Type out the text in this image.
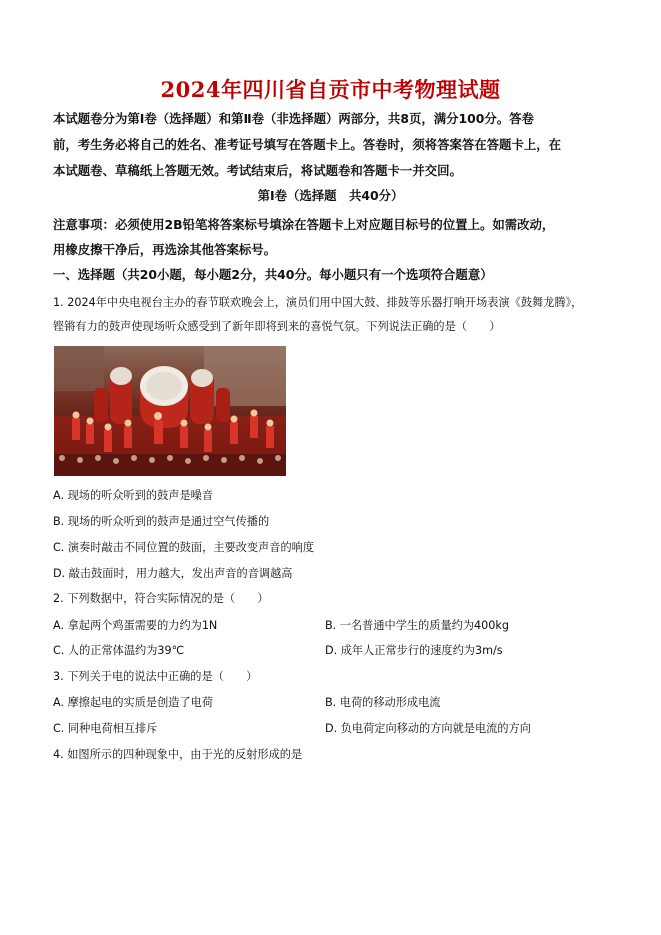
2024年四川省自贡市中考物理试题

本试题卷分为第Ⅰ卷（选择题）和第Ⅱ卷（非选择题）两部分，共8页，满分100分。答卷

前，考生务必将自己的姓名、准考证号填写在答题卡上。答卷时，须将答案答在答题卡上，在

本试题卷、草稿纸上答题无效。考试结束后，将试题卷和答题卡一并交回。

第Ⅰ卷（选择题　共40分）

注意事项：必须使用2B铅笔将答案标号填涂在答题卡上对应题目标号的位置上。如需改动，

用橡皮擦干净后，再选涂其他答案标号。

一、选择题（共20小题，每小题2分，共40分。每小题只有一个选项符合题意）

1. 2024年中央电视台主办的春节联欢晚会上，演员们用中国大鼓、排鼓等乐器打响开场表演《鼓舞龙腾》，

铿锵有力的鼓声使现场听众感受到了新年即将到来的喜悦气氛。下列说法正确的是（　　）

A. 现场的听众听到的鼓声是噪音
B. 现场的听众听到的鼓声是通过空气传播的
C. 演奏时敲击不同位置的鼓面，主要改变声音的响度
D. 敲击鼓面时，用力越大，发出声音的音调越高
2. 下列数据中，符合实际情况的是（　　）
A. 拿起两个鸡蛋需要的力约为1N	B. 一名普通中学生的质量约为400kg
C. 人的正常体温约为39℃	D. 成年人正常步行的速度约为3m/s
3. 下列关于电的说法中正确的是（　　）
A. 摩擦起电的实质是创造了电荷	B. 电荷的移动形成电流
C. 同种电荷相互排斥	D. 负电荷定向移动的方向就是电流的方向
4. 如图所示的四种现象中，由于光的反射形成的是
